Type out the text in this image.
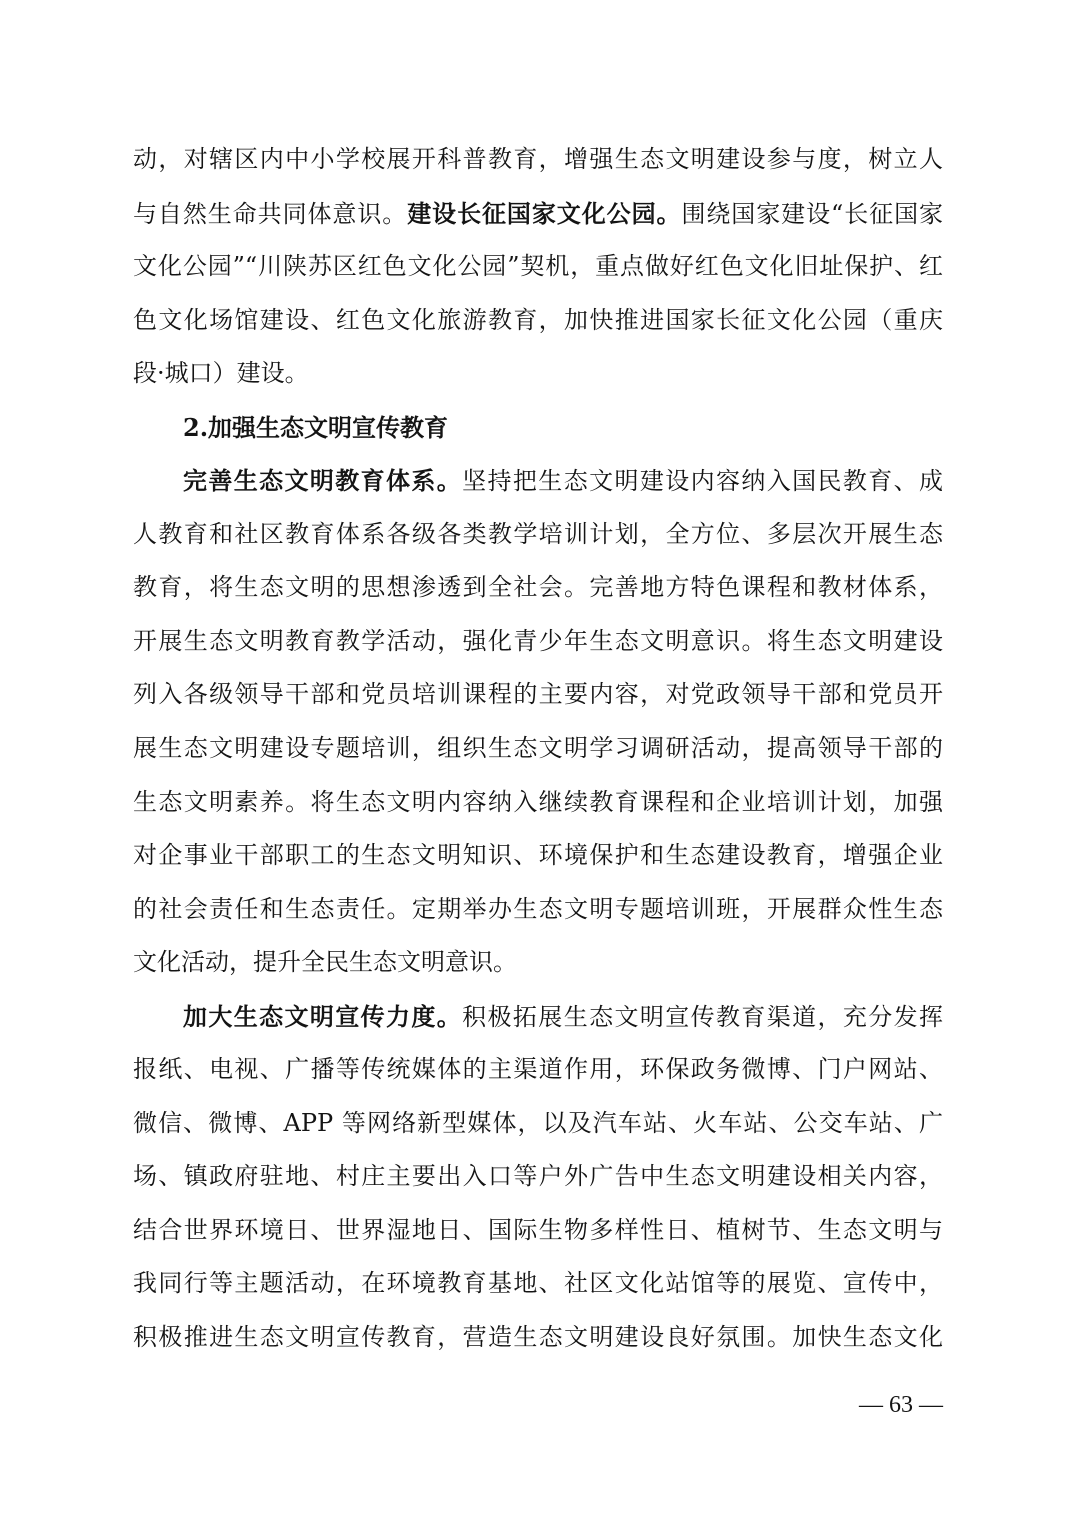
动，对辖区内中小学校展开科普教育，增强生态文明建设参与度，树立人
与自然生命共同体意识。建设长征国家文化公园。围绕国家建设“长征国家
文化公园”“川陕苏区红色文化公园”契机，重点做好红色文化旧址保护、红
色文化场馆建设、红色文化旅游教育，加快推进国家长征文化公园（重庆
段·城口）建设。
2.加强生态文明宣传教育
完善生态文明教育体系。坚持把生态文明建设内容纳入国民教育、成
人教育和社区教育体系各级各类教学培训计划，全方位、多层次开展生态
教育，将生态文明的思想渗透到全社会。完善地方特色课程和教材体系，
开展生态文明教育教学活动，强化青少年生态文明意识。将生态文明建设
列入各级领导干部和党员培训课程的主要内容，对党政领导干部和党员开
展生态文明建设专题培训，组织生态文明学习调研活动，提高领导干部的
生态文明素养。将生态文明内容纳入继续教育课程和企业培训计划，加强
对企事业干部职工的生态文明知识、环境保护和生态建设教育，增强企业
的社会责任和生态责任。定期举办生态文明专题培训班，开展群众性生态
文化活动，提升全民生态文明意识。
加大生态文明宣传力度。积极拓展生态文明宣传教育渠道，充分发挥
报纸、电视、广播等传统媒体的主渠道作用，环保政务微博、门户网站、
微信、微博、APP 等网络新型媒体，以及汽车站、火车站、公交车站、广
场、镇政府驻地、村庄主要出入口等户外广告中生态文明建设相关内容，
结合世界环境日、世界湿地日、国际生物多样性日、植树节、生态文明与
我同行等主题活动，在环境教育基地、社区文化站馆等的展览、宣传中，
积极推进生态文明宣传教育，营造生态文明建设良好氛围。加快生态文化
— 63 —
